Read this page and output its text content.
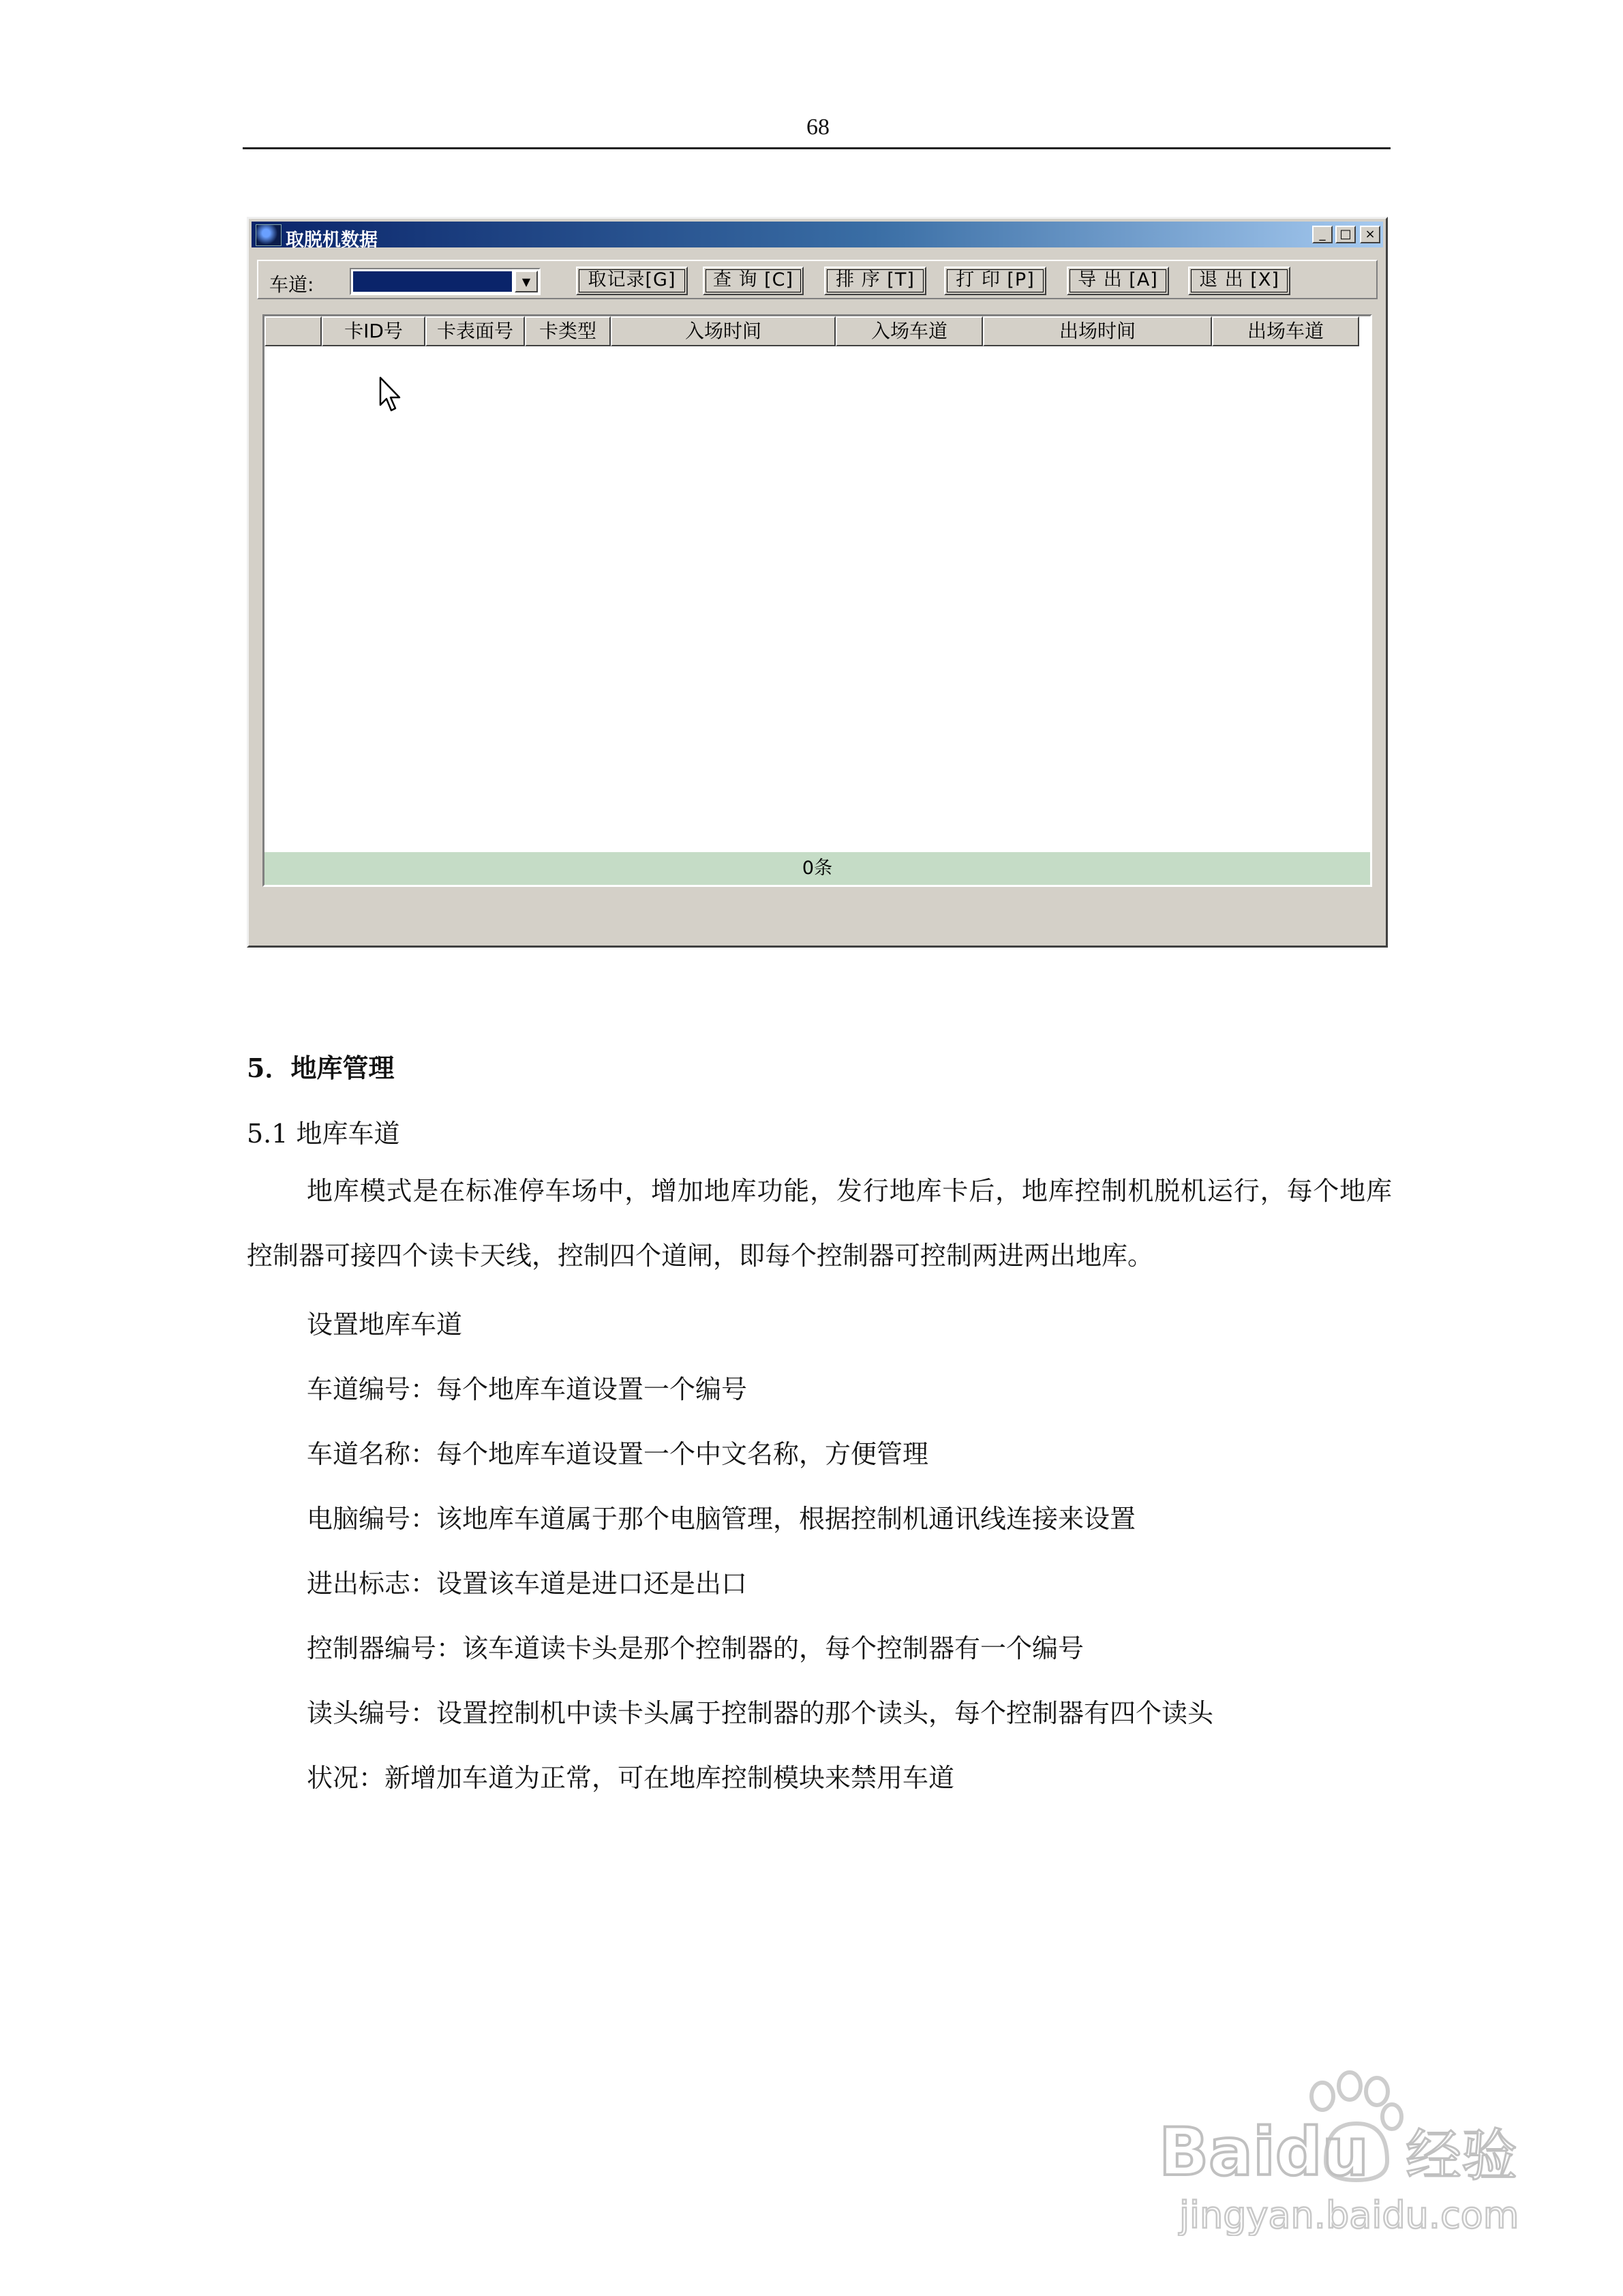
68
取脱机数据	_	□	×
车道:	▼	取记录[G]	查 询 [C]	排 序 [T]	打 印 [P]	导 出 [A]	退 出 [X]
卡ID号	卡表面号	卡类型	入场时间	入场车道	出场时间	出场车道
0条
5．地库管理
5.1 地库车道
地库模式是在标准停车场中，增加地库功能，发行地库卡后，地库控制机脱机运行，每个地库控制器可接四个读卡天线，控制四个道闸，即每个控制器可控制两进两出地库。
设置地库车道
车道编号：每个地库车道设置一个编号
车道名称：每个地库车道设置一个中文名称，方便管理
电脑编号：该地库车道属于那个电脑管理，根据控制机通讯线连接来设置
进出标志：设置该车道是进口还是出口
控制器编号：该车道读卡头是那个控制器的，每个控制器有一个编号
读头编号：设置控制机中读卡头属于控制器的那个读头，每个控制器有四个读头
状况：新增加车道为正常，可在地库控制模块来禁用车道
Baidu 经验
jingyan.baidu.com
